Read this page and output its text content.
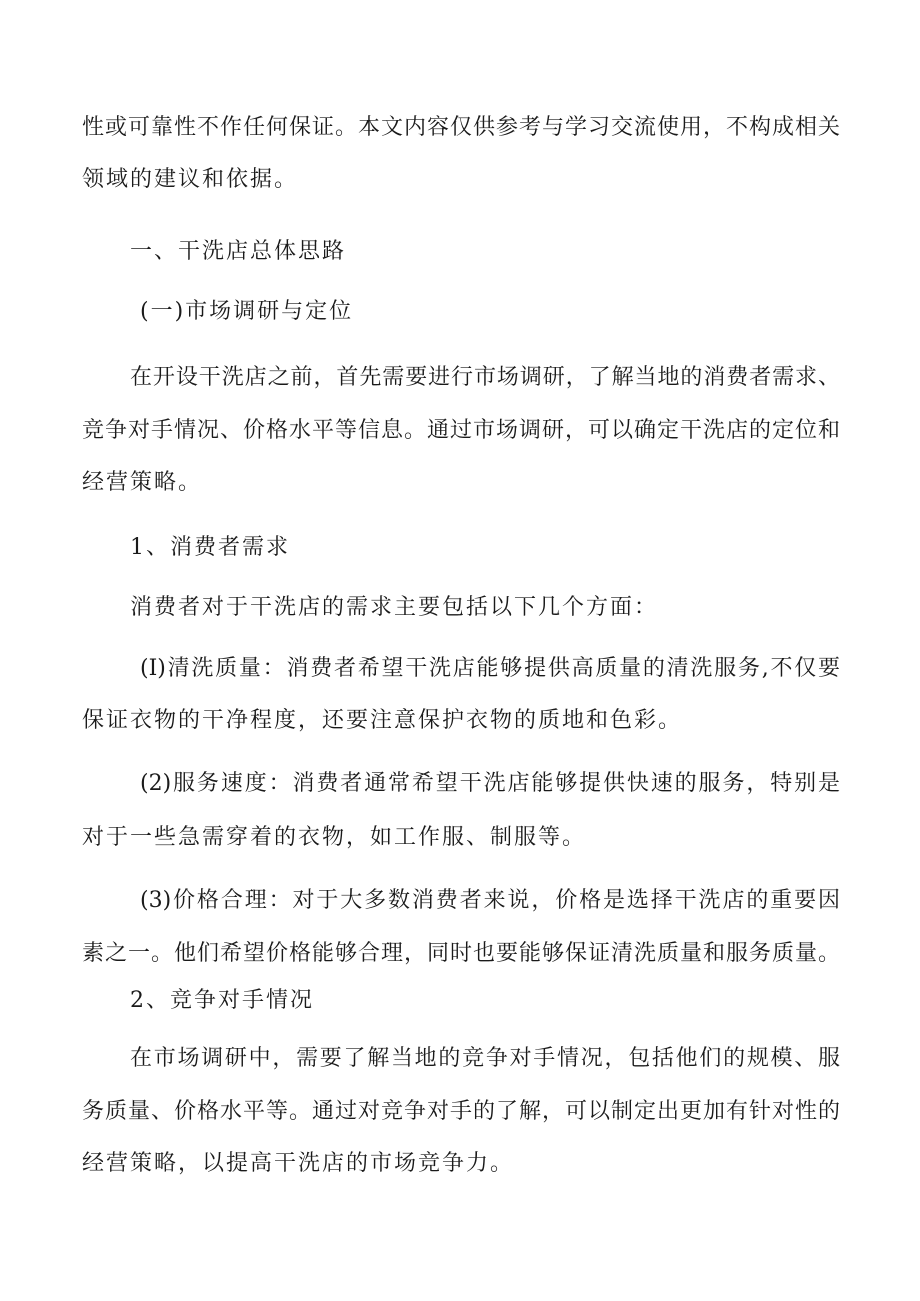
性或可靠性不作任何保证。本文内容仅供参考与学习交流使用，不构成相关
领域的建议和依据。
一、干洗店总体思路
(一)市场调研与定位
在开设干洗店之前，首先需要进行市场调研，了解当地的消费者需求、
竞争对手情况、价格水平等信息。通过市场调研，可以确定干洗店的定位和
经营策略。
1、消费者需求
消费者对于干洗店的需求主要包括以下几个方面：
(I)清洗质量：消费者希望干洗店能够提供高质量的清洗服务,不仅要
保证衣物的干净程度，还要注意保护衣物的质地和色彩。
(2)服务速度：消费者通常希望干洗店能够提供快速的服务，特别是
对于一些急需穿着的衣物，如工作服、制服等。
(3)价格合理：对于大多数消费者来说，价格是选择干洗店的重要因
素之一。他们希望价格能够合理，同时也要能够保证清洗质量和服务质量。
2、竞争对手情况
在市场调研中，需要了解当地的竞争对手情况，包括他们的规模、服
务质量、价格水平等。通过对竞争对手的了解，可以制定出更加有针对性的
经营策略，以提高干洗店的市场竞争力。
